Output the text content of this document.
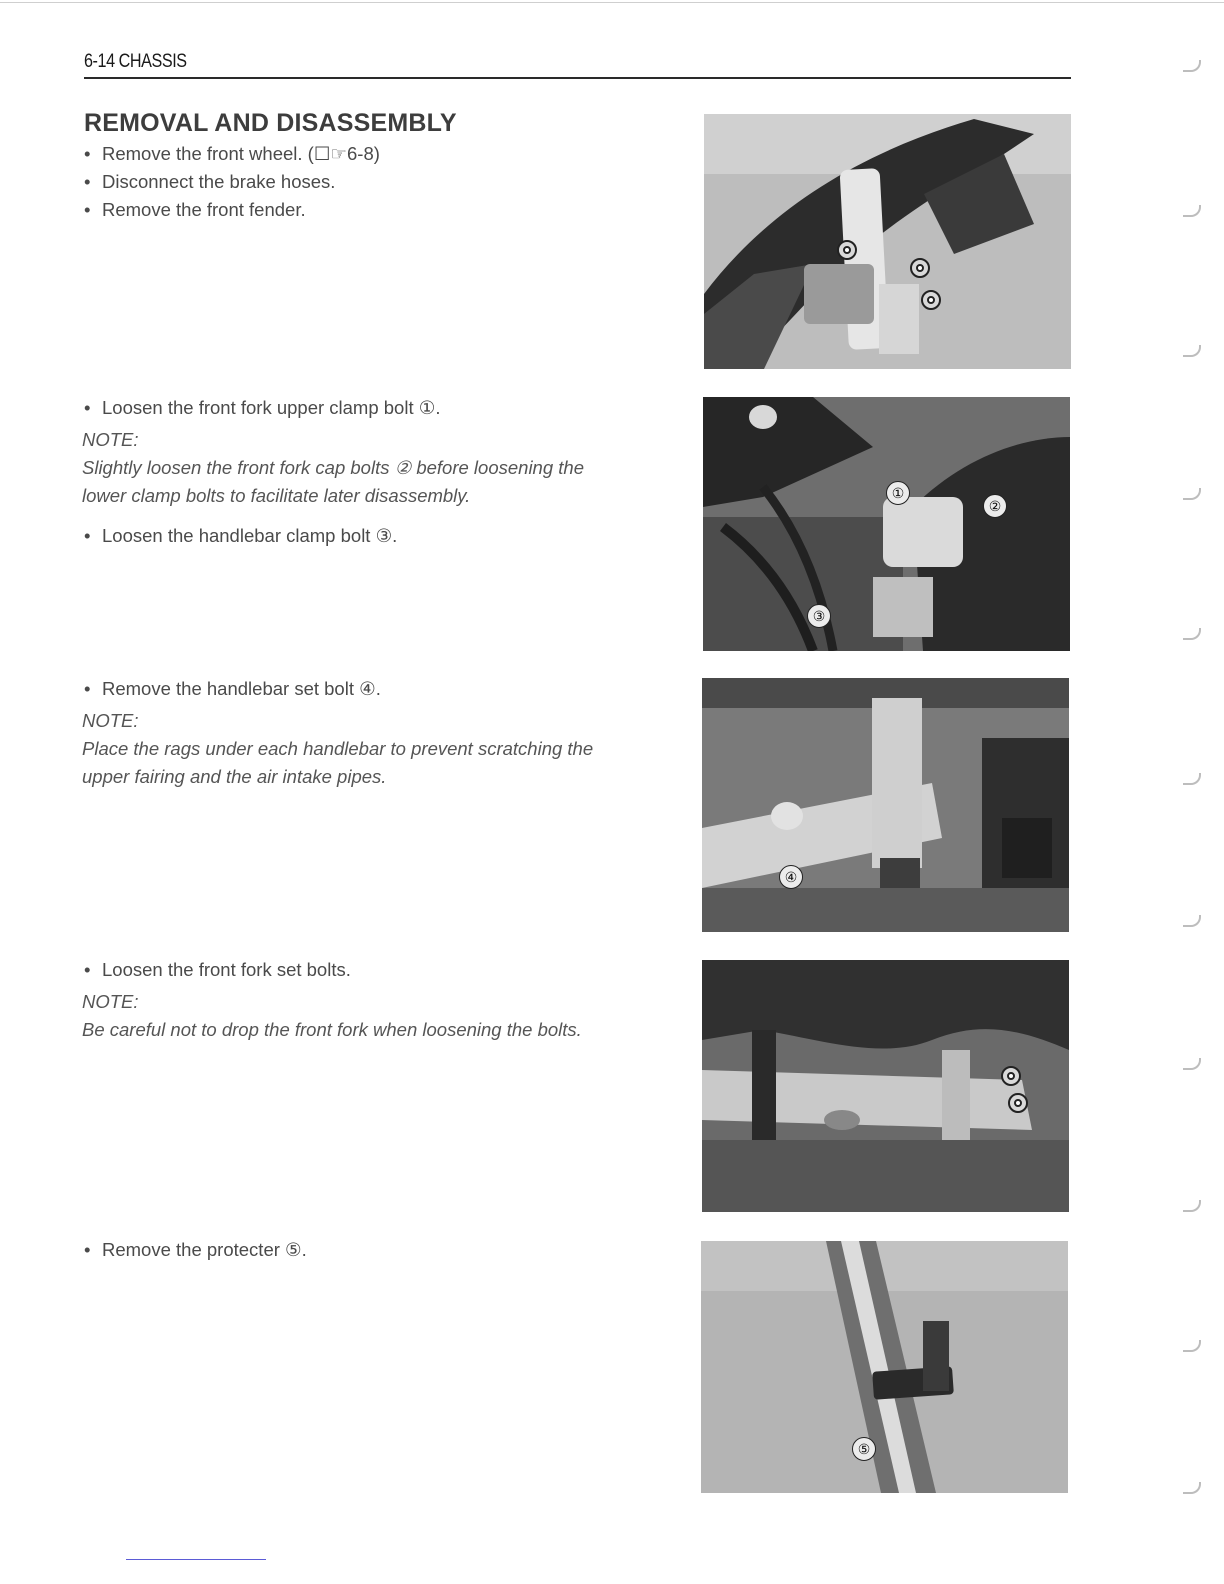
6-14 CHASSIS
REMOVAL AND DISASSEMBLY
• Remove the front wheel. (☐☞6-8)
• Disconnect the brake hoses.
• Remove the front fender.
• Loosen the front fork upper clamp bolt ①.
NOTE:
Slightly loosen the front fork cap bolts ② before loosening the
lower clamp bolts to facilitate later disassembly.
• Loosen the handlebar clamp bolt ③.
• Remove the handlebar set bolt ④.
NOTE:
Place the rags under each handlebar to prevent scratching the
upper fairing and the air intake pipes.
• Loosen the front fork set bolts.
NOTE:
Be careful not to drop the front fork when loosening the bolts.
• Remove the protecter ⑤.
①
②
③
④
⑤
